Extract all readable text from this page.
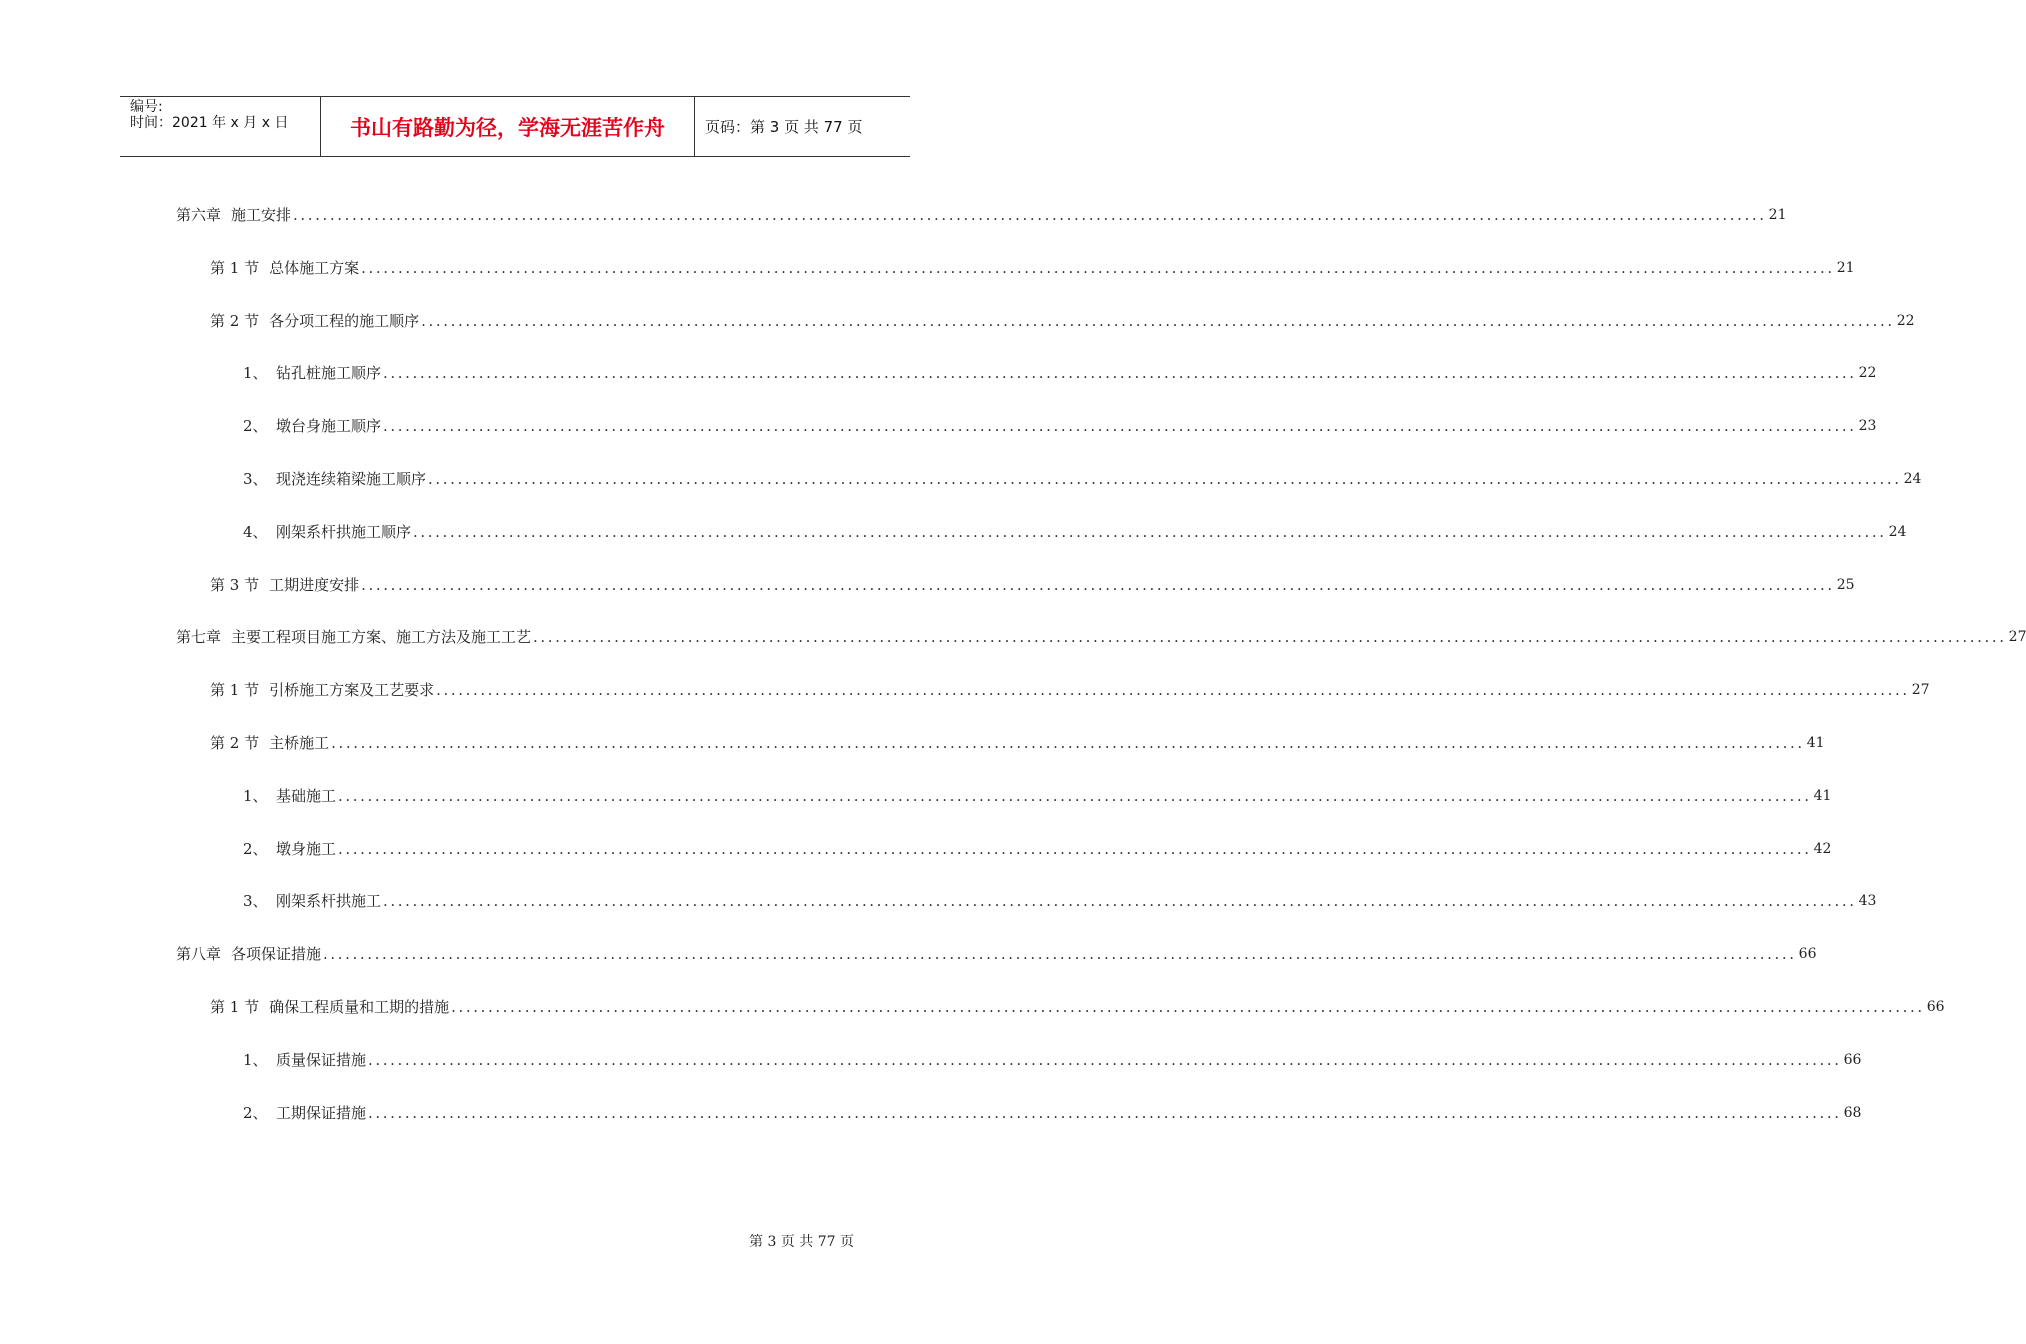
编号:
时间：2021 年 x 月 x 日	书山有路勤为径，学海无涯苦作舟	页码：第 3 页 共 77 页
第六章 施工安排 ........................................................................................................................................................................................................ 21
第 1 节 总体施工方案 ........................................................................................................................................................................................................ 21
第 2 节 各分项工程的施工顺序 ........................................................................................................................................................................................................ 22
1、 钻孔桩施工顺序 ........................................................................................................................................................................................................ 22
2、 墩台身施工顺序 ........................................................................................................................................................................................................ 23
3、 现浇连续箱梁施工顺序 ........................................................................................................................................................................................................ 24
4、 刚架系杆拱施工顺序 ........................................................................................................................................................................................................ 24
第 3 节 工期进度安排 ........................................................................................................................................................................................................ 25
第七章 主要工程项目施工方案、施工方法及施工工艺 ........................................................................................................................................................................................................ 27
第 1 节 引桥施工方案及工艺要求 ........................................................................................................................................................................................................ 27
第 2 节 主桥施工 ........................................................................................................................................................................................................ 41
1、 基础施工 ........................................................................................................................................................................................................ 41
2、 墩身施工 ........................................................................................................................................................................................................ 42
3、 刚架系杆拱施工 ........................................................................................................................................................................................................ 43
第八章 各项保证措施 ........................................................................................................................................................................................................ 66
第 1 节 确保工程质量和工期的措施 ........................................................................................................................................................................................................ 66
1、 质量保证措施 ........................................................................................................................................................................................................ 66
2、 工期保证措施 ........................................................................................................................................................................................................ 68
第 3 页 共 77 页
